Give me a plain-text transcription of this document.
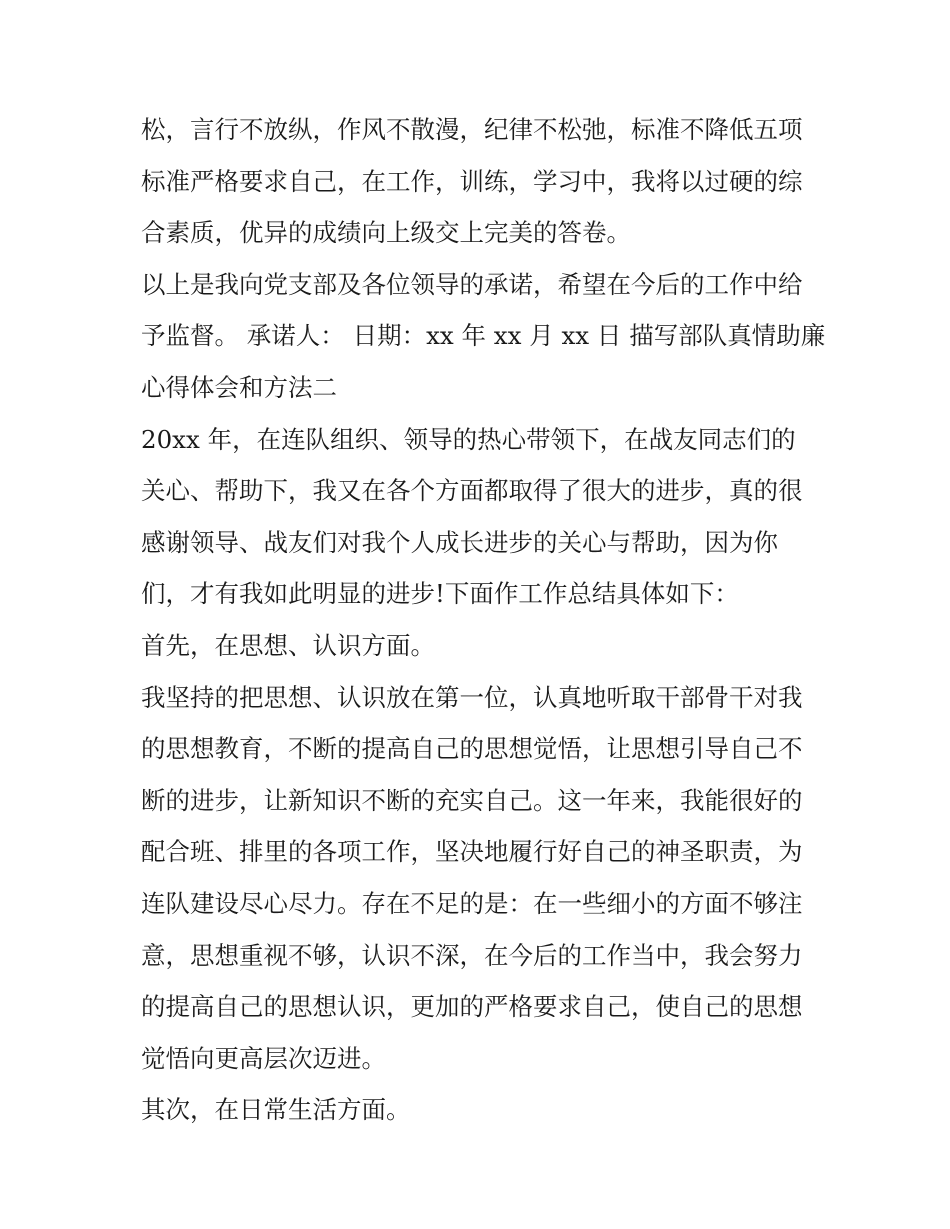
松，言行不放纵，作风不散漫，纪律不松弛，标准不降低五项
标准严格要求自己，在工作，训练，学习中，我将以过硬的综
合素质，优异的成绩向上级交上完美的答卷。
以上是我向党支部及各位领导的承诺，希望在今后的工作中给
予监督。 承诺人： 日期：xx 年 xx 月 xx 日 描写部队真情助廉
心得体会和方法二
20xx 年，在连队组织、领导的热心带领下，在战友同志们的
关心、帮助下，我又在各个方面都取得了很大的进步，真的很
感谢领导、战友们对我个人成长进步的关心与帮助，因为你
们，才有我如此明显的进步!下面作工作总结具体如下：
首先，在思想、认识方面。
我坚持的把思想、认识放在第一位，认真地听取干部骨干对我
的思想教育，不断的提高自己的思想觉悟，让思想引导自己不
断的进步，让新知识不断的充实自己。这一年来，我能很好的
配合班、排里的各项工作，坚决地履行好自己的神圣职责，为
连队建设尽心尽力。存在不足的是：在一些细小的方面不够注
意，思想重视不够，认识不深，在今后的工作当中，我会努力
的提高自己的思想认识，更加的严格要求自己，使自己的思想
觉悟向更高层次迈进。
其次，在日常生活方面。
